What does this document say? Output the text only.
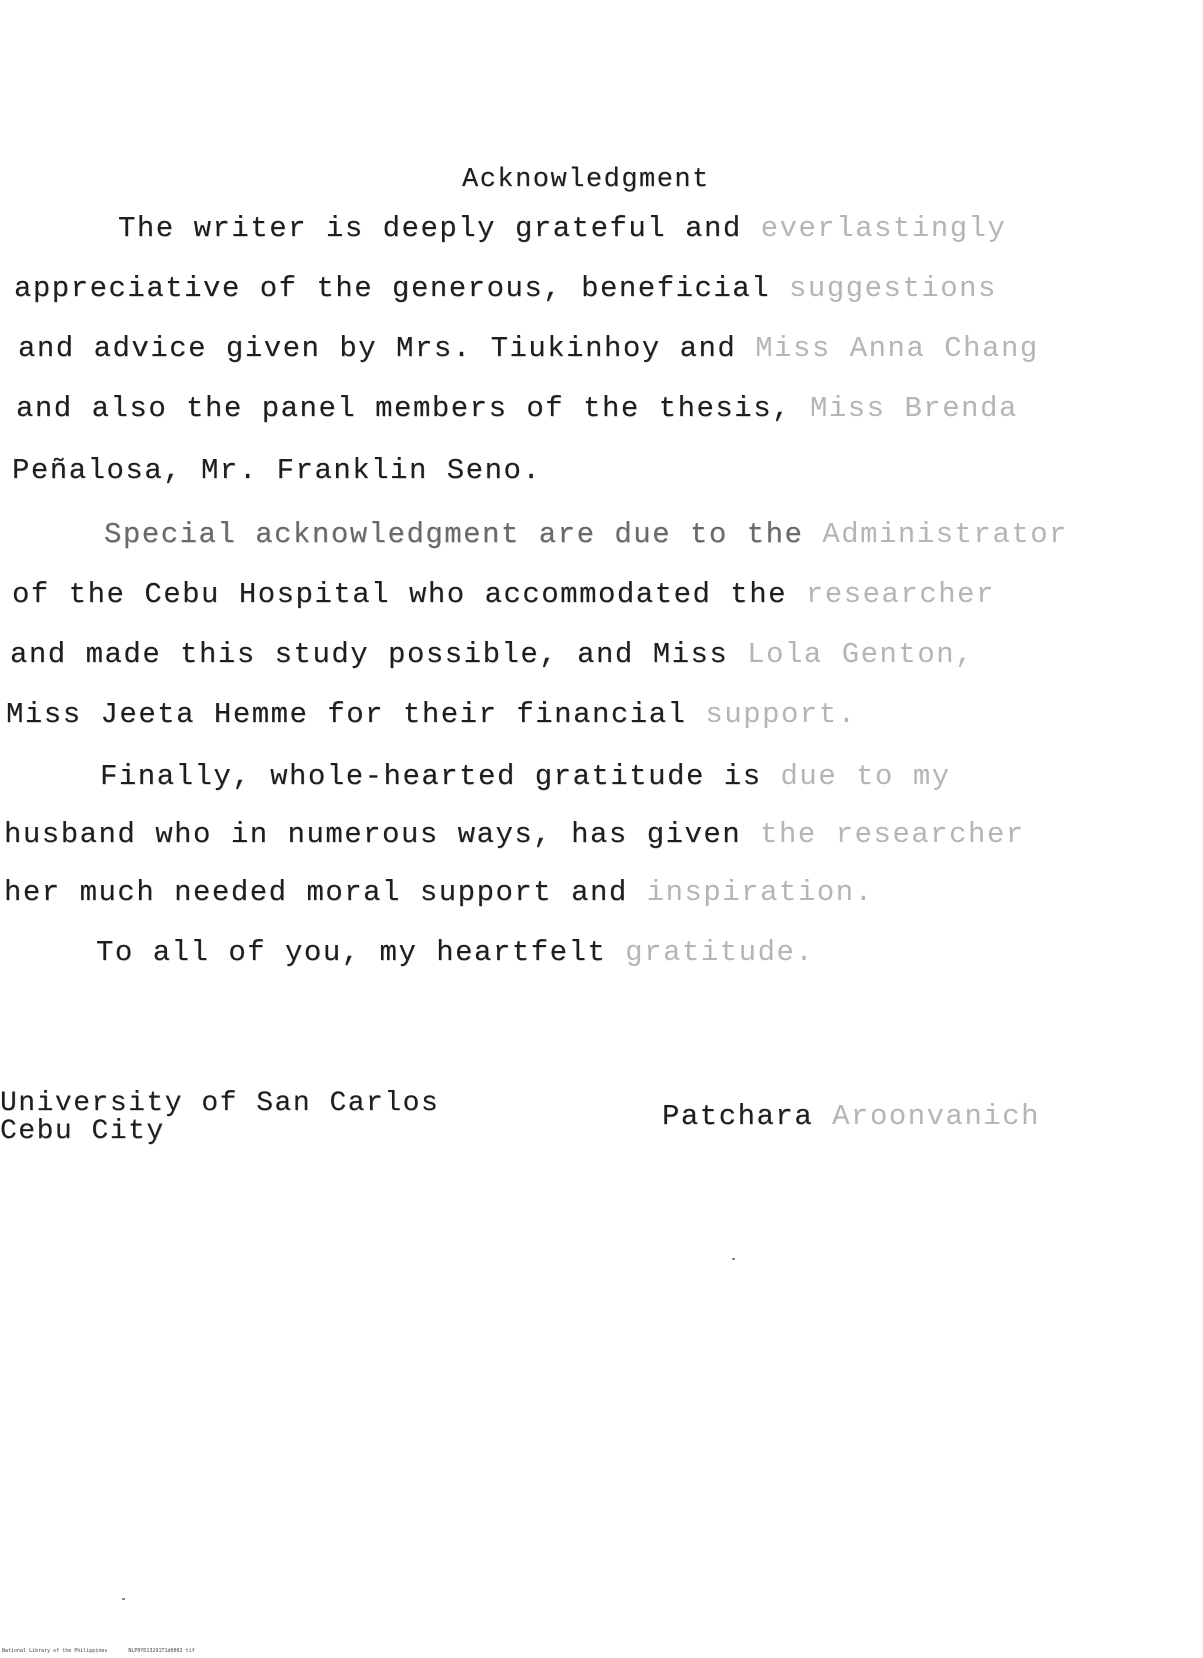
Acknowledgment
The writer is deeply grateful and everlastingly
appreciative of the generous, beneficial suggestions
and advice given by Mrs. Tiukinhoy and Miss Anna Chang
and also the panel members of the thesis, Miss Brenda
Peñalosa, Mr. Franklin Seno.
Special acknowledgment are due to the Administrator
of the Cebu Hospital who accommodated the researcher
and made this study possible, and Miss Lola Genton,
Miss Jeeta Hemme for their financial support.
Finally, whole-hearted gratitude is due to my
husband who in numerous ways, has given the researcher
her much needed moral support and inspiration.
To all of you, my heartfelt gratitude.
Patchara Aroonvanich
University of San Carlos
Cebu City
National Library of the Philippines	NLP0YD13291T1d0002 tif
